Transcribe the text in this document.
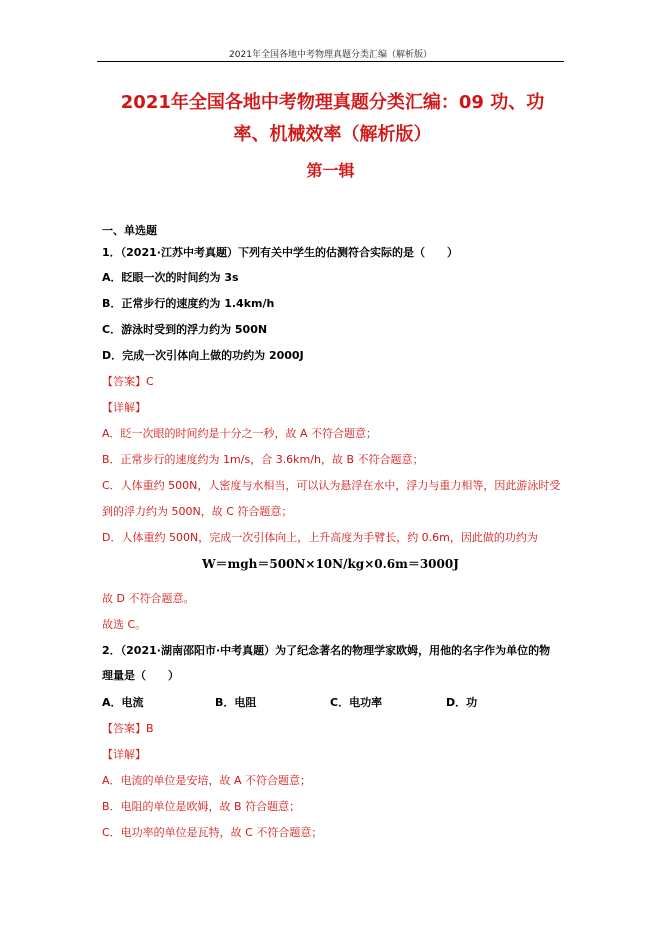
2021年全国各地中考物理真题分类汇编（解析版）
2021年全国各地中考物理真题分类汇编：09 功、功
率、机械效率（解析版）
第一辑
一、单选题
1．（2021·江苏中考真题）下列有关中学生的估测符合实际的是（　　）
A．眨眼一次的时间约为 3s
B．正常步行的速度约为 1.4km/h
C．游泳时受到的浮力约为 500N
D．完成一次引体向上做的功约为 2000J
【答案】C
【详解】
A．眨一次眼的时间约是十分之一秒，故 A 不符合题意；
B．正常步行的速度约为 1m/s，合 3.6km/h，故 B 不符合题意；
C．人体重约 500N，人密度与水相当，可以认为悬浮在水中，浮力与重力相等，因此游泳时受
到的浮力约为 500N，故 C 符合题意；
D．人体重约 500N，完成一次引体向上，上升高度为手臂长，约 0.6m，因此做的功约为
W＝mgh＝500N×10N/kg×0.6m＝3000J
故 D 不符合题意。
故选 C。
2．（2021·湖南邵阳市·中考真题）为了纪念著名的物理学家欧姆，用他的名字作为单位的物
理量是（　　）
A．电流	B．电阻	C．电功率	D．功
【答案】B
【详解】
A．电流的单位是安培，故 A 不符合题意；
B．电阻的单位是欧姆，故 B 符合题意；
C．电功率的单位是瓦特，故 C 不符合题意；
